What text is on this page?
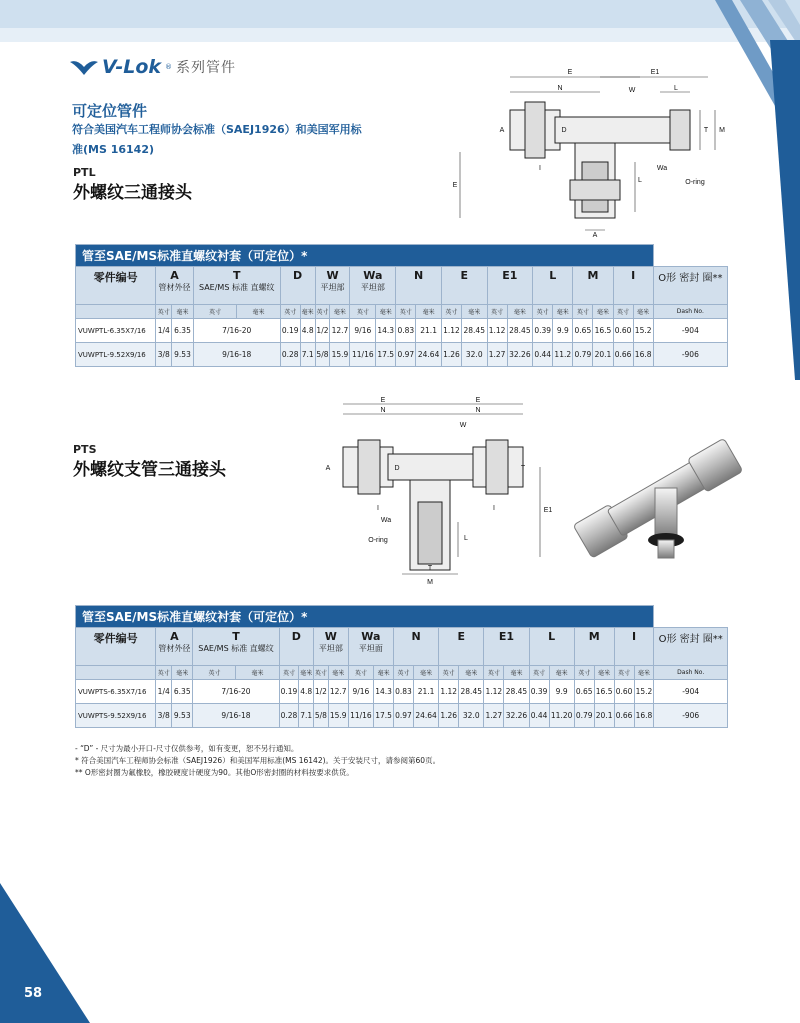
58
V-Lok ® 系列管件
可定位管件
符合美国汽车工程师协会标准（SAEJ1926）和美国军用标准(MS 16142)
PTL
外螺纹三通接头
E	E1
N	W	L
T M
E
A	D
I
L
A
Wa
O-ring
管至SAE/MS标准直螺纹衬套（可定位）*																							

零件编号	A
管材外径		T
SAE/MS 标准 直螺纹		D		W
平坦部		Wa
平坦部		N		E		E1		L		M		I		O形 密封 圈**
	英寸	毫米	英寸	毫米	英寸	毫米	英寸	毫米	英寸	毫米	英寸	毫米	英寸	毫米	英寸	毫米	英寸	毫米	英寸	毫米	英寸	毫米	Dash No.
VUWPTL-6.35X7/16	1/4	6.35	7/16-20		0.19	4.8	1/2	12.7	9/16	14.3	0.83	21.1	1.12	28.45	1.12	28.45	0.39	9.9	0.65	16.5	0.60	15.2	-904
VUWPTL-9.52X9/16	3/8	9.53	9/16-18		0.28	7.1	5/8	15.9	11/16	17.5	0.97	24.64	1.26	32.0	1.27	32.26	0.44	11.2	0.79	20.1	0.66	16.8	-906
PTS
外螺纹支管三通接头
E	E
N	N
W
A	D	T
I	I	E1
L
Wa
O-ring
T
M
管至SAE/MS标准直螺纹衬套（可定位）*																							

零件编号	A
管材外径		T
SAE/MS 标准 直螺纹		D		W
平坦部		Wa
平坦面		N		E		E1		L		M		I		O形 密封 圈**
	英寸	毫米	英寸	毫米	英寸	毫米	英寸	毫米	英寸	毫米	英寸	毫米	英寸	毫米	英寸	毫米	英寸	毫米	英寸	毫米	英寸	毫米	Dash No.
VUWPTS-6.35X7/16	1/4	6.35	7/16-20		0.19	4.8	1/2	12.7	9/16	14.3	0.83	21.1	1.12	28.45	1.12	28.45	0.39	9.9	0.65	16.5	0.60	15.2	-904
VUWPTS-9.52X9/16	3/8	9.53	9/16-18		0.28	7.1	5/8	15.9	11/16	17.5	0.97	24.64	1.26	32.0	1.27	32.26	0.44	11.20	0.79	20.1	0.66	16.8	-906
- “D” - 尺寸为最小开口-尺寸仅供参考，如有变更，恕不另行通知。
* 符合美国汽车工程师协会标准（SAEJ1926）和美国军用标准(MS 16142)。关于安装尺寸，请参阅第60页。
** O形密封圈为氟橡胶，橡胶硬度计硬度为90。其他O形密封圈的材料按要求供货。
